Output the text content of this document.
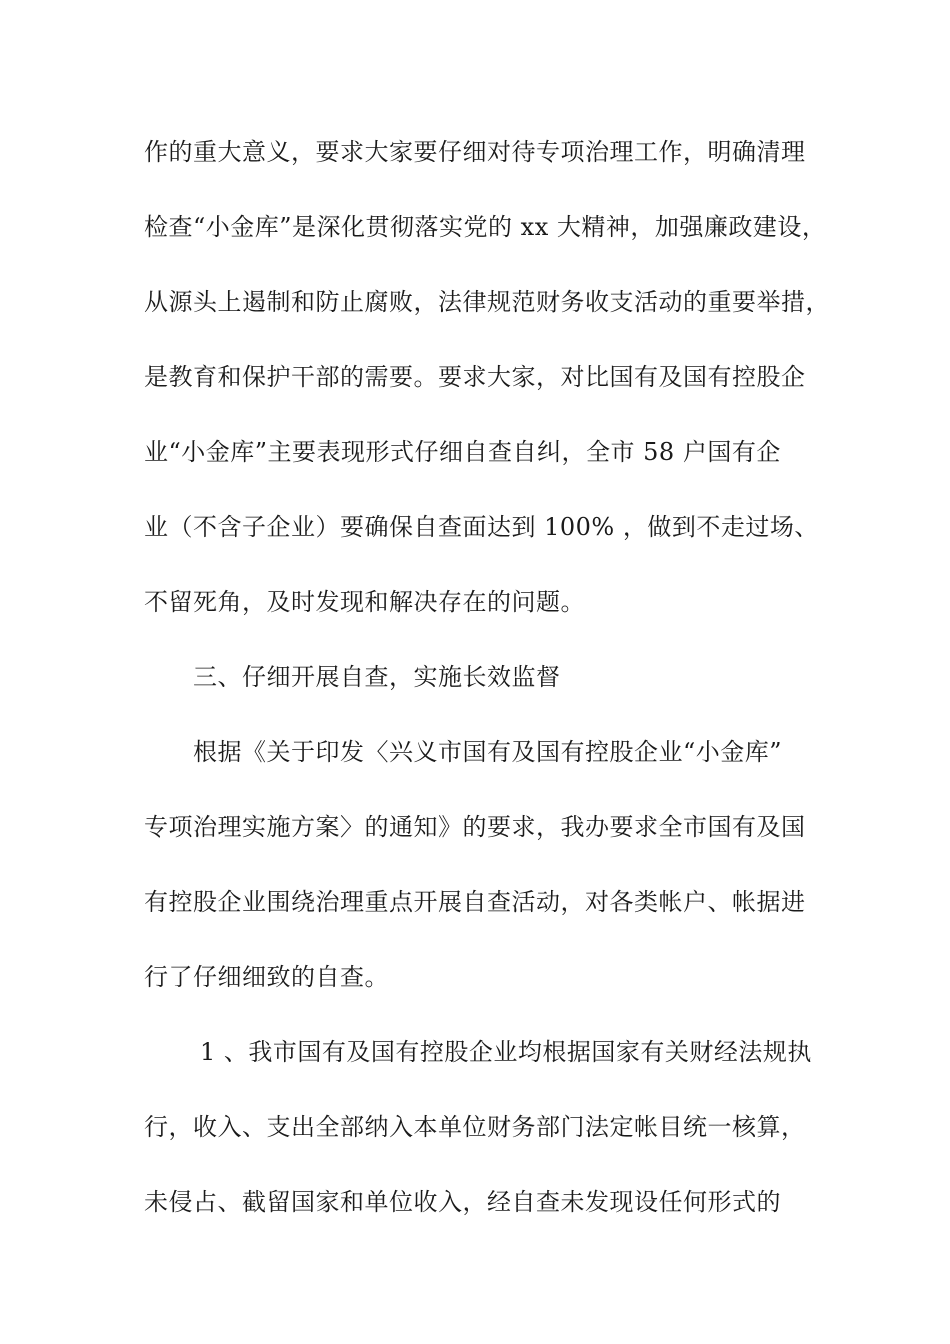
作的重大意义，要求大家要仔细对待专项治理工作，明确清理
检查“小金库”是深化贯彻落实党的 xx 大精神，加强廉政建设，
从源头上遏制和防止腐败，法律规范财务收支活动的重要举措，
是教育和保护干部的需要。要求大家，对比国有及国有控股企
业“小金库”主要表现形式仔细自查自纠，全市 58 户国有企
业（不含子企业）要确保自查面达到 100% ，做到不走过场、
不留死角，及时发现和解决存在的问题。
三、仔细开展自查，实施长效监督
根据《关于印发〈兴义市国有及国有控股企业“小金库”
专项治理实施方案〉的通知》的要求，我办要求全市国有及国
有控股企业围绕治理重点开展自查活动，对各类帐户、帐据进
行了仔细细致的自查。
1 、我市国有及国有控股企业均根据国家有关财经法规执
行，收入、支出全部纳入本单位财务部门法定帐目统一核算，
未侵占、截留国家和单位收入，经自查未发现设任何形式的
